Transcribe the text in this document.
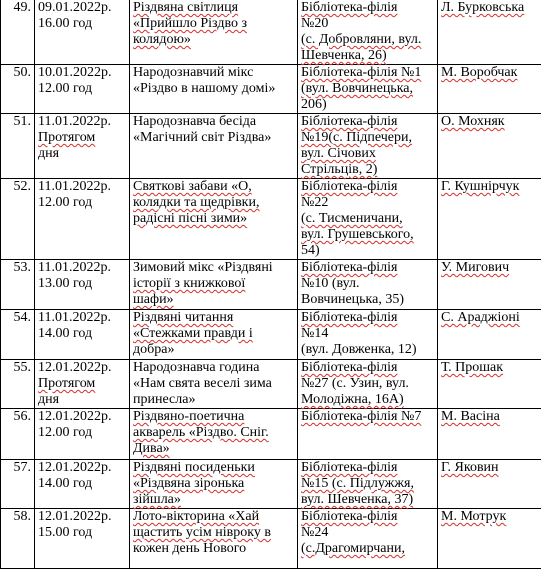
49.	09.01.2022р.
16.00 год	Різдвяна світлиця
«Прийшло Різдво з
колядою»	Бібліотека-філія
№20
(с. Добровляни, вул.
Шевченка, 26)	Л. Бурковська

50.	10.01.2022р.
12.00 год	Народознавчий мікс
«Різдво в нашому домі»	Бібліотека-філія №1
(вул. Вовчинецька,
206)	М. Воробчак

51.	11.01.2022р.
Протягом
дня	Народознавча бесіда
«Магічний світ Різдва»	Бібліотека-філія
№19(с. Підпечери,
вул. Січових
Стрільців, 2)	О. Мохняк

52.	11.01.2022р.
12.00 год	Святкові забави «О,
колядки та щедрівки,
радісні пісні зими»	Бібліотека-філія
№22
(с. Тисменичани,
вул. Грушевського,
54)	Г. Кушнірчук

53.	11.01.2022р.
13.00 год	Зимовий мікс «Різдвяні
історії з книжкової
шафи»	Бібліотека-філія
№10 (вул.
Вовчинецька, 35)	У. Мигович

54.	11.01.2022р.
14.00 год	Різдвяні читання
«Стежками правди і
добра»	Бібліотека-філія
№14
(вул. Довженка, 12)	С. Араджіоні

55.	12.01.2022р.
Протягом
дня	Народознавча година
«Нам свята веселі зима
принесла»	Бібліотека-філія
№27 (с. Узин, вул.
Молодіжна, 16А)	Т. Прошак

56.	12.01.2022р.
12.00 год	Різдвяно-поетична
акварель «Різдво. Сніг.
Дива»	Бібліотека-філія №7	М. Васіна

57.	12.01.2022р.
14.00 год	Різдвяні посиденьки
«Різдвяна зіронька
зійшла»	Бібліотека-філія
№15 (с. Підлужжя,
вул. Шевченка, 37)	Г. Яковин

58.	12.01.2022р.
15.00 год	Лото-вікторина «Хай
щастить усім нівроку в
кожен день Нового	Бібліотека-філія
№24
(с.Драгомирчани,	М. Мотрук
